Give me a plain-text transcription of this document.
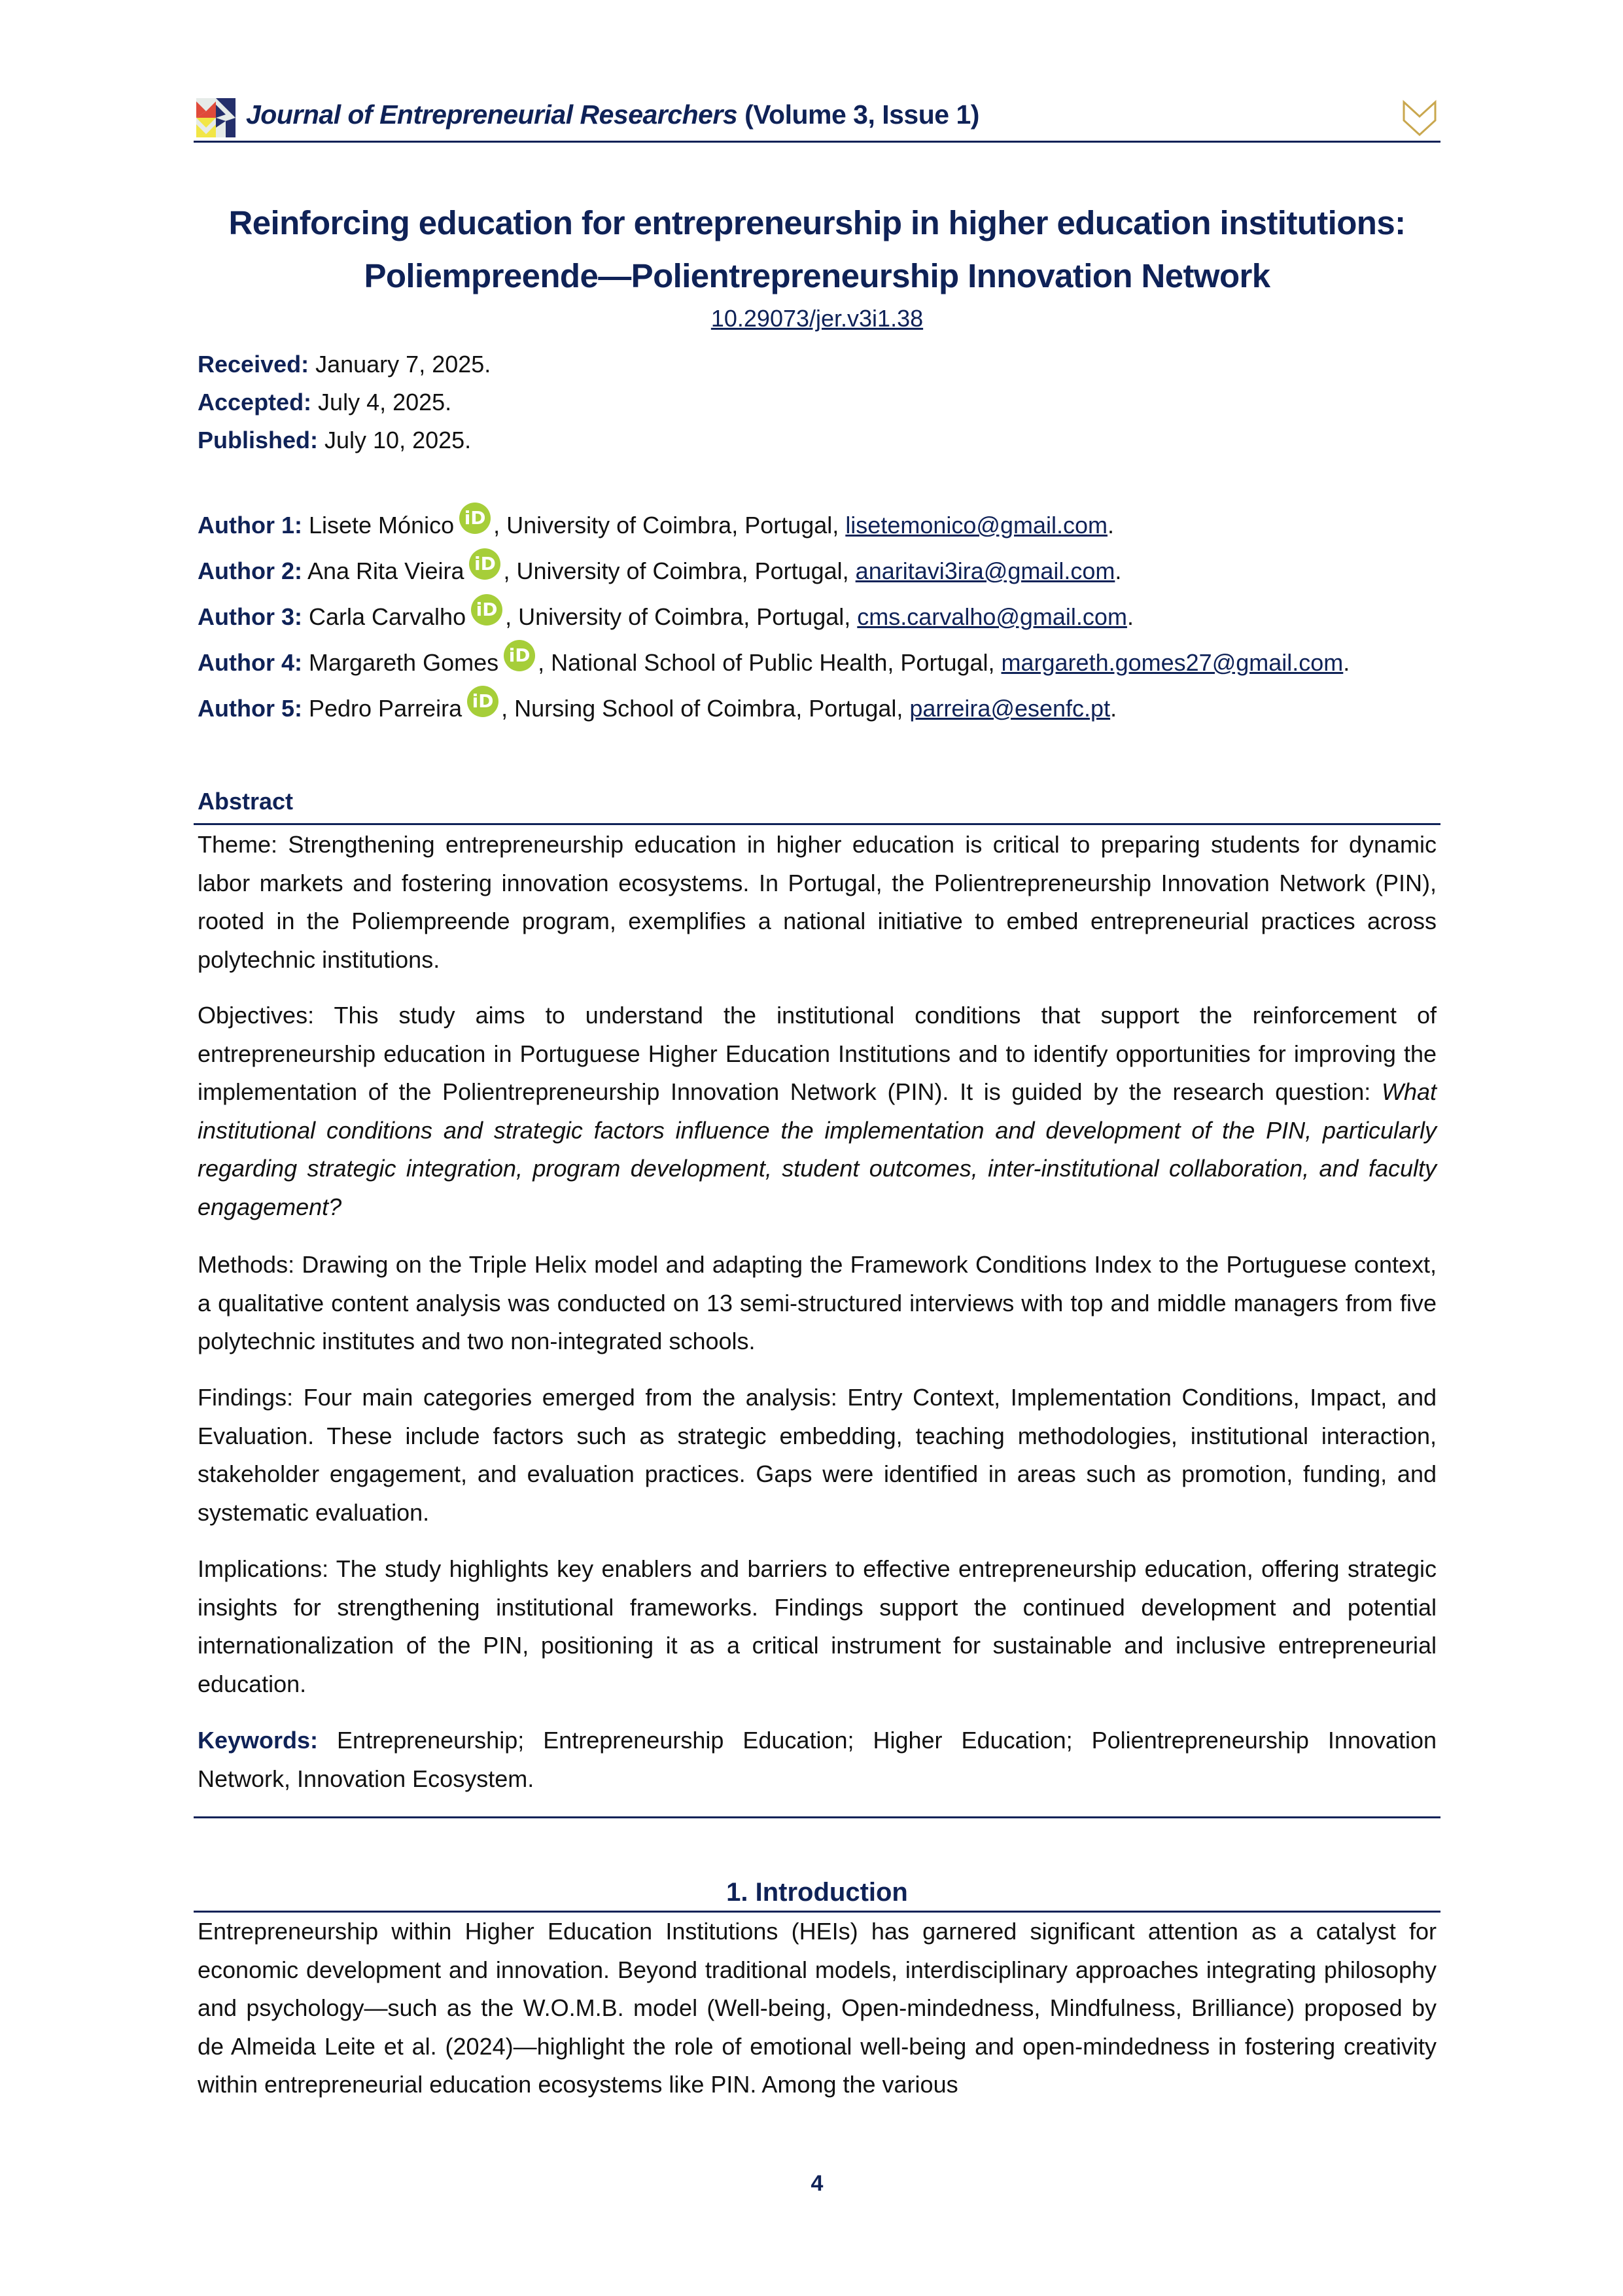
Journal of Entrepreneurial Researchers (Volume 3, Issue 1)
Reinforcing education for entrepreneurship in higher education institutions:
Poliempreende—Polientrepreneurship Innovation Network
10.29073/jer.v3i1.38
Received: January 7, 2025.
Accepted: July 4, 2025.
Published: July 10, 2025.
Author 1: Lisete Mónico iD , University of Coimbra, Portugal, lisetemonico@gmail.com.
Author 2: Ana Rita Vieira iD , University of Coimbra, Portugal, anaritavi3ira@gmail.com.
Author 3: Carla Carvalho iD , University of Coimbra, Portugal, cms.carvalho@gmail.com.
Author 4: Margareth Gomes iD , National School of Public Health, Portugal, margareth.gomes27@gmail.com.
Author 5: Pedro Parreira iD , Nursing School of Coimbra, Portugal, parreira@esenfc.pt.
Abstract

Theme: Strengthening entrepreneurship education in higher education is critical to preparing students for dynamic labor markets and fostering innovation ecosystems. In Portugal, the Polientrepreneurship Innovation Network (PIN), rooted in the Poliempreende program, exemplifies a national initiative to embed entrepreneurial practices across polytechnic institutions.

Objectives: This study aims to understand the institutional conditions that support the reinforcement of entrepreneurship education in Portuguese Higher Education Institutions and to identify opportunities for improving the implementation of the Polientrepreneurship Innovation Network (PIN). It is guided by the research question: What institutional conditions and strategic factors influence the implementation and development of the PIN, particularly regarding strategic integration, program development, student outcomes, inter-institutional collaboration, and faculty engagement?

Methods: Drawing on the Triple Helix model and adapting the Framework Conditions Index to the Portuguese context, a qualitative content analysis was conducted on 13 semi-structured interviews with top and middle managers from five polytechnic institutes and two non-integrated schools.

Findings: Four main categories emerged from the analysis: Entry Context, Implementation Conditions, Impact, and Evaluation. These include factors such as strategic embedding, teaching methodologies, institutional interaction, stakeholder engagement, and evaluation practices. Gaps were identified in areas such as promotion, funding, and systematic evaluation.

Implications: The study highlights key enablers and barriers to effective entrepreneurship education, offering strategic insights for strengthening institutional frameworks. Findings support the continued development and potential internationalization of the PIN, positioning it as a critical instrument for sustainable and inclusive entrepreneurial education.

Keywords: Entrepreneurship; Entrepreneurship Education; Higher Education; Polientrepreneurship Innovation Network, Innovation Ecosystem.

1. Introduction

Entrepreneurship within Higher Education Institutions (HEIs) has garnered significant attention as a catalyst for economic development and innovation. Beyond traditional models, interdisciplinary approaches integrating philosophy and psychology—such as the W.O.M.B. model (Well-being, Open-mindedness, Mindfulness, Brilliance) proposed by de Almeida Leite et al. (2024)—highlight the role of emotional well-being and open-mindedness in fostering creativity within entrepreneurial education ecosystems like PIN. Among the various

4
